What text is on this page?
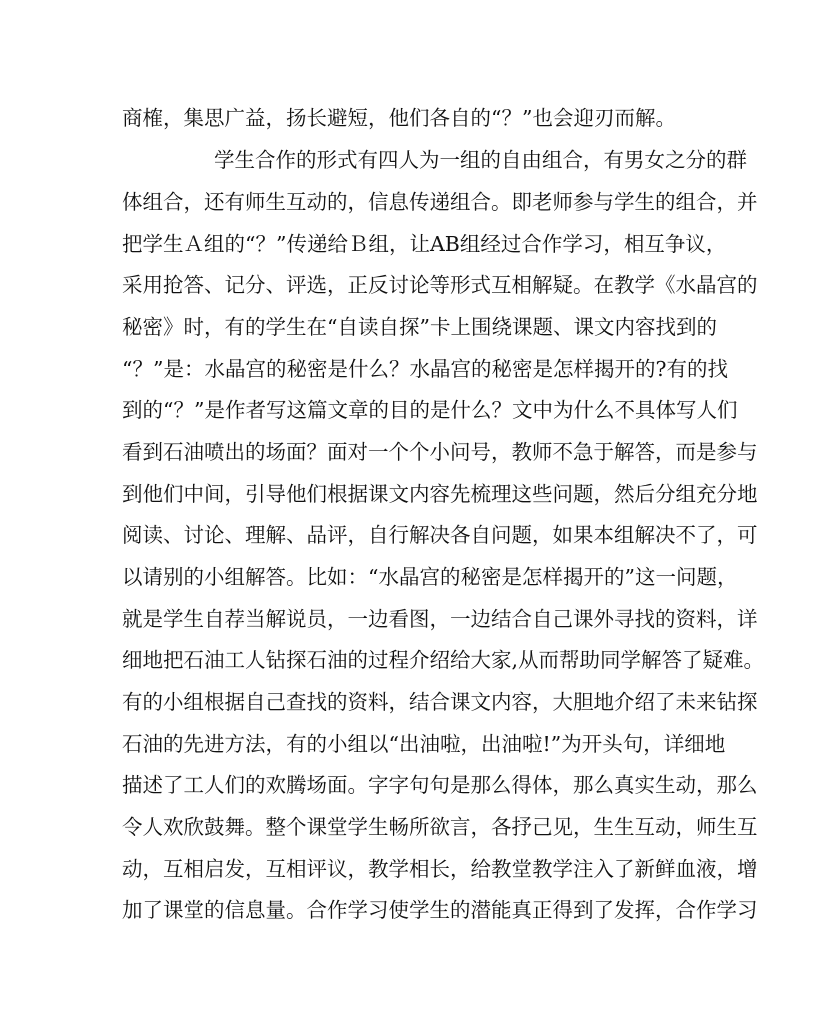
商榷，集思广益，扬长避短，他们各自的“？”也会迎刃而解。
学生合作的形式有四人为一组的自由组合，有男女之分的群
体组合，还有师生互动的，信息传递组合。即老师参与学生的组合，并
把学生Ａ组的“？”传递给Ｂ组，让AB组经过合作学习，相互争议，
采用抢答、记分、评选，正反讨论等形式互相解疑。在教学《水晶宫的
秘密》时，有的学生在“自读自探”卡上围绕课题、课文内容找到的
“？”是：水晶宫的秘密是什么？水晶宫的秘密是怎样揭开的?有的找
到的“？”是作者写这篇文章的目的是什么？文中为什么不具体写人们
看到石油喷出的场面？面对一个个小问号，教师不急于解答，而是参与
到他们中间，引导他们根据课文内容先梳理这些问题，然后分组充分地
阅读、讨论、理解、品评，自行解决各自问题，如果本组解决不了，可
以请别的小组解答。比如：“水晶宫的秘密是怎样揭开的”这一问题，
就是学生自荐当解说员，一边看图，一边结合自己课外寻找的资料，详
细地把石油工人钻探石油的过程介绍给大家,从而帮助同学解答了疑难。
有的小组根据自己查找的资料，结合课文内容，大胆地介绍了未来钻探
石油的先进方法，有的小组以“出油啦，出油啦!”为开头句，详细地
描述了工人们的欢腾场面。字字句句是那么得体，那么真实生动，那么
令人欢欣鼓舞。整个课堂学生畅所欲言，各抒己见，生生互动，师生互
动，互相启发，互相评议，教学相长，给教堂教学注入了新鲜血液，增
加了课堂的信息量。合作学习使学生的潜能真正得到了发挥，合作学习
